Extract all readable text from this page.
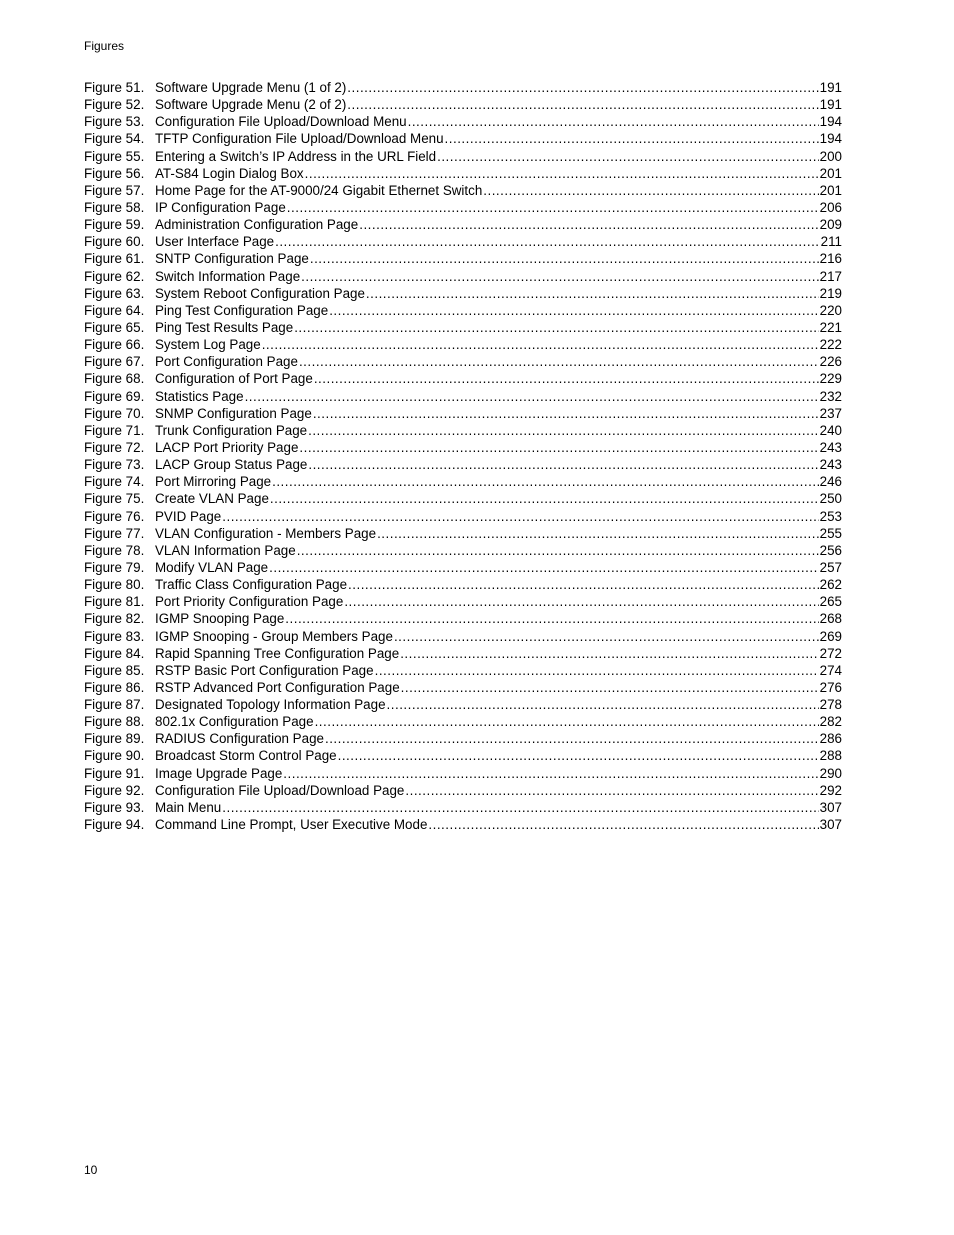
Figures
Figure 51. Software Upgrade Menu (1 of 2) .....	191
Figure 52. Software Upgrade Menu (2 of 2) .....	191
Figure 53. Configuration File Upload/Download Menu .....	194
Figure 54. TFTP Configuration File Upload/Download Menu .....	194
Figure 55. Entering a Switch’s IP Address in the URL Field .....	200
Figure 56. AT-S84 Login Dialog Box .....	201
Figure 57. Home Page for the AT-9000/24 Gigabit Ethernet Switch .....	201
Figure 58. IP Configuration Page .....	206
Figure 59. Administration Configuration Page .....	209
Figure 60. User Interface Page .....	211
Figure 61. SNTP Configuration Page .....	216
Figure 62. Switch Information Page .....	217
Figure 63. System Reboot Configuration Page .....	219
Figure 64. Ping Test Configuration Page .....	220
Figure 65. Ping Test Results Page .....	221
Figure 66. System Log Page .....	222
Figure 67. Port Configuration Page .....	226
Figure 68. Configuration of Port Page .....	229
Figure 69. Statistics Page .....	232
Figure 70. SNMP Configuration Page .....	237
Figure 71. Trunk Configuration Page .....	240
Figure 72. LACP Port Priority Page .....	243
Figure 73. LACP Group Status Page .....	243
Figure 74. Port Mirroring Page .....	246
Figure 75. Create VLAN Page .....	250
Figure 76. PVID Page .....	253
Figure 77. VLAN Configuration - Members Page .....	255
Figure 78. VLAN Information Page .....	256
Figure 79. Modify VLAN Page .....	257
Figure 80. Traffic Class Configuration Page .....	262
Figure 81. Port Priority Configuration Page .....	265
Figure 82. IGMP Snooping Page .....	268
Figure 83. IGMP Snooping - Group Members Page .....	269
Figure 84. Rapid Spanning Tree Configuration Page .....	272
Figure 85. RSTP Basic Port Configuration Page .....	274
Figure 86. RSTP Advanced Port Configuration Page .....	276
Figure 87. Designated Topology Information Page .....	278
Figure 88. 802.1x Configuration Page .....	282
Figure 89. RADIUS Configuration Page .....	286
Figure 90. Broadcast Storm Control Page .....	288
Figure 91. Image Upgrade Page .....	290
Figure 92. Configuration File Upload/Download Page .....	292
Figure 93. Main Menu .....	307
Figure 94. Command Line Prompt, User Executive Mode .....	307
10
